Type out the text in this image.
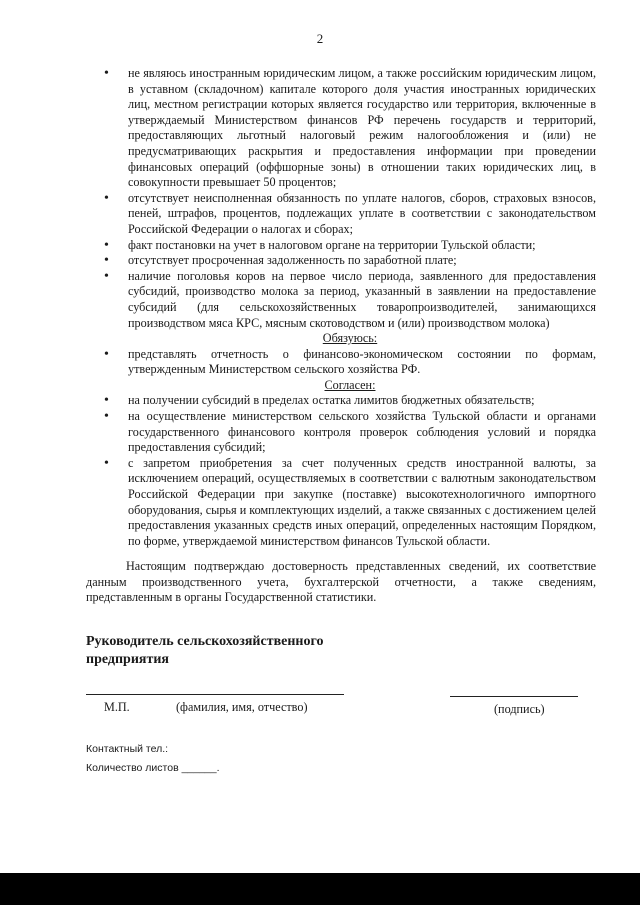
2
• не являюсь иностранным юридическим лицом, а также российским юридическим лицом, в уставном (складочном) капитале которого доля участия иностранных юридических лиц, местном регистрации которых является государство или территория, включенные в утверждаемый Министерством финансов РФ перечень государств и территорий, предоставляющих льготный налоговый режим налогообложения и (или) не предусматривающих раскрытия и предоставления информации при проведении финансовых операций (оффшорные зоны) в отношении таких юридических лиц, в совокупности превышает 50 процентов;
• отсутствует неисполненная обязанность по уплате налогов, сборов, страховых взносов, пеней, штрафов, процентов, подлежащих уплате в соответствии с законодательством Российской Федерации о налогах и сборах;
• факт постановки на учет в налоговом органе на территории Тульской области;
• отсутствует просроченная задолженность по заработной плате;
• наличие поголовья коров на первое число периода, заявленного для предоставления субсидий, производство молока за период, указанный в заявлении на предоставление субсидий (для сельскохозяйственных товаропроизводителей, занимающихся производством мяса КРС, мясным скотоводством и (или) производством молока)

Обязуюсь:

• представлять отчетность о финансово-экономическом состоянии по формам, утвержденным Министерством сельского хозяйства РФ.

Согласен:

• на получении субсидий в пределах остатка лимитов бюджетных обязательств;
• на осуществление министерством сельского хозяйства Тульской области и органами государственного финансового контроля проверок соблюдения условий и порядка предоставления субсидий;
• с запретом приобретения за счет полученных средств иностранной валюты, за исключением операций, осуществляемых в соответствии с валютным законодательством Российской Федерации при закупке (поставке) высокотехнологичного импортного оборудования, сырья и комплектующих изделий, а также связанных с достижением целей предоставления указанных средств иных операций, определенных настоящим Порядком, по форме, утверждаемой министерством финансов Тульской области.

Настоящим подтверждаю достоверность представленных сведений, их соответствие данным производственного учета, бухгалтерской отчетности, а также сведениям, представленным в органы Государственной статистики.

Руководитель сельскохозяйственного
предприятия
М.П.	(фамилия, имя, отчество)	(подпись)
Контактный тел.:
Количество листов ______.
